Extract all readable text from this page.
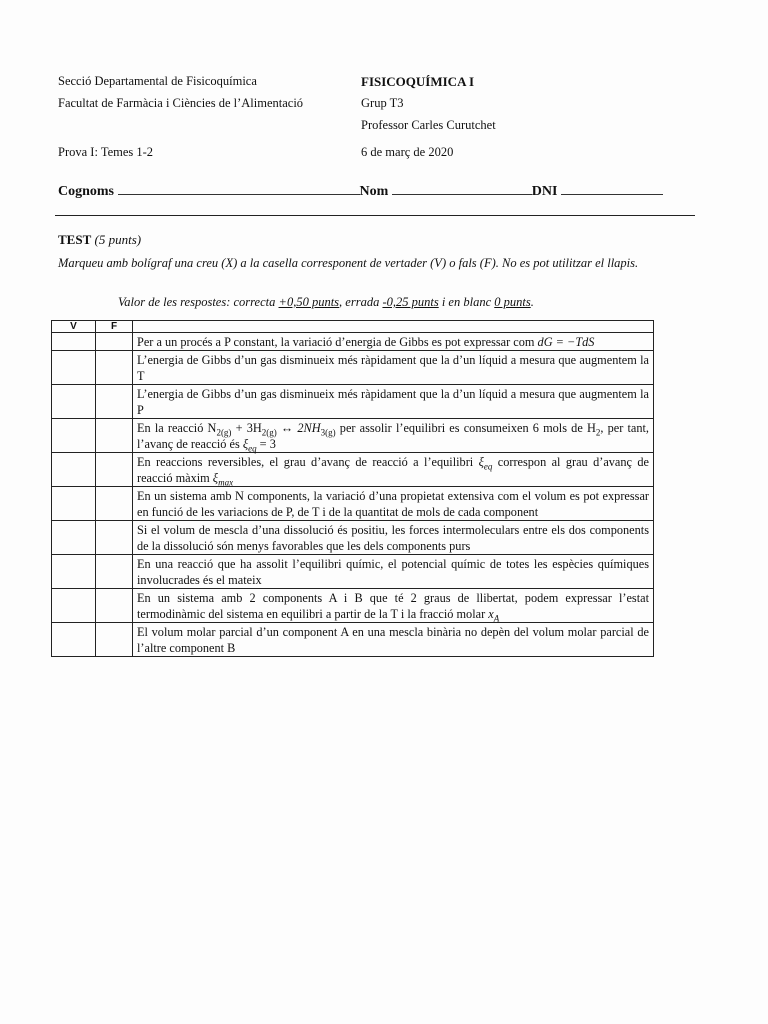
Secció Departamental de Fisicoquímica
Facultat de Farmàcia i Ciències de l’Alimentació
Prova I: Temes 1-2
FISICOQUÍMICA I
Grup T3
Professor Carles Curutchet
6 de març de 2020
Cognoms	Nom	DNI
TEST (5 punts)
Marqueu amb bolígraf una creu (X) a la casella corresponent de vertader (V) o fals (F). No es pot utilitzar el llapis.
Valor de les respostes: correcta +0,50 punts, errada -0,25 punts i en blanc 0 punts.
V	F	
		Per a un procés a P constant, la variació d’energia de Gibbs es pot expressar com dG = −TdS
		L’energia de Gibbs d’un gas disminueix més ràpidament que la d’un líquid a mesura que augmentem la T
		L’energia de Gibbs d’un gas disminueix més ràpidament que la d’un líquid a mesura que augmentem la P
		En la reacció $N_{2(g)} + 3H_{2(g)}$ ↔ $2NH_{3(g)}$ per assolir l’equilibri es consumeixen 6 mols de $H_2$, per tant, l’avanç de reacció és $\xi_{eq} = 3$
		En reaccions reversibles, el grau d’avanç de reacció a l’equilibri $\xi_{eq}$ correspon al grau d’avanç de reacció màxim $\xi_{max}$
		En un sistema amb N components, la variació d’una propietat extensiva com el volum es pot expressar en funció de les variacions de P, de T i de la quantitat de mols de cada component
		Si el volum de mescla d’una dissolució és positiu, les forces intermoleculars entre els dos components de la dissolució són menys favorables que les dels components purs
		En una reacció que ha assolit l’equilibri químic, el potencial químic de totes les espècies químiques involucrades és el mateix
		En un sistema amb 2 components A i B que té 2 graus de llibertat, podem expressar l’estat termodinàmic del sistema en equilibri a partir de la T i la fracció molar $x_A$
		El volum molar parcial d’un component A en una mescla binària no depèn del volum molar parcial de l’altre component B
